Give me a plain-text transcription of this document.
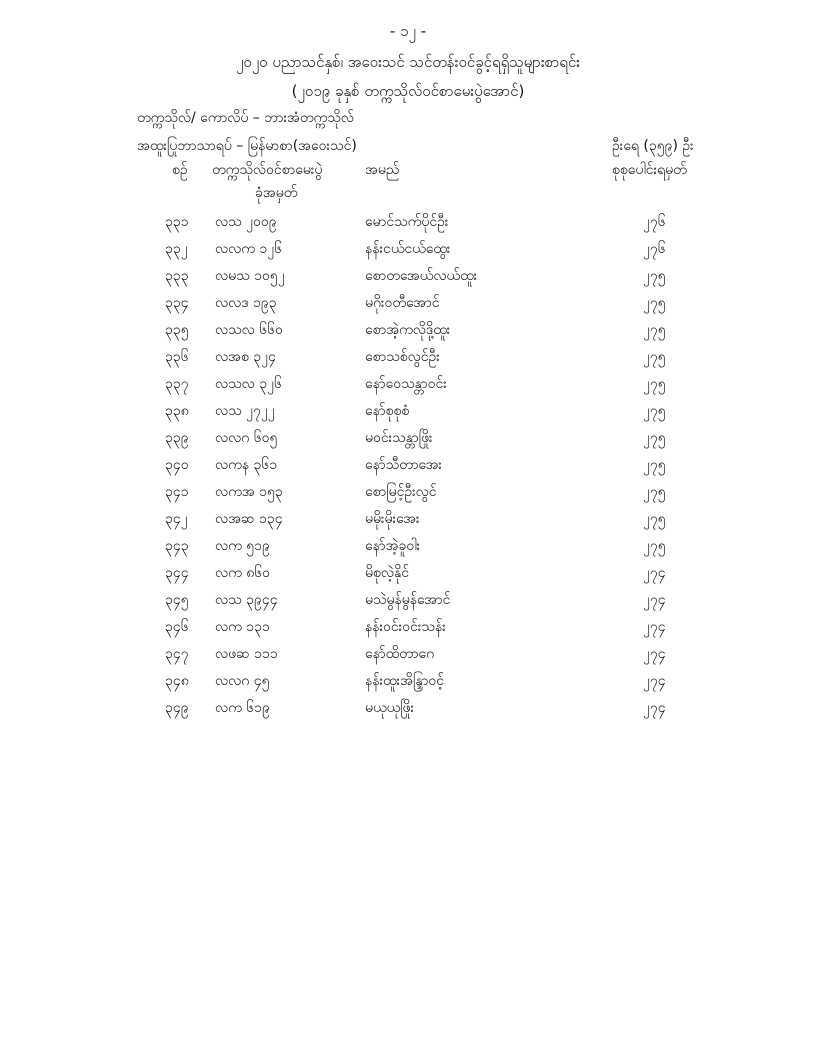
- ၁၂ -
၂၀၂၀ ပညာသင်နှစ်၊ အဝေးသင် သင်တန်းဝင်ခွင့်ရရှိသူများစာရင်း
(၂၀၁၉ ခုနှစ် တက္ကသိုလ်ဝင်စာမေးပွဲအောင်)
တက္ကသိုလ်/ ကောလိပ် – ဘားအံတက္ကသိုလ်
အထူးပြုဘာသာရပ် – မြန်မာစာ(အဝေးသင်)	ဦးရေ (၃၅၉) ဦး
စဉ် တက္ကသိုလ်ဝင်စာမေးပွဲ
ခုံအမှတ်
အမည်	စုစုပေါင်းရမှတ်
၃၃၁ လသ ၂၀၀၉	မောင်သက်ပိုင်ဦး	၂၇၆
၃၃၂ လလက ၁၂၆	နန်းငယ်ငယ်ထွေး	၂၇၆
၃၃၃ လမသ ၁၀၅၂	စောတအေယ်လယ်ထူး	၂၇၅
၃၃၄ လလဒ ၁၉၃	မဂိုးဝတီအောင်	၂၇၅
၃၃၅ လသလ ၆၆၀	စောအဲ့ကလိုဒို့ထူး	၂၇၅
၃၃၆ လအစ ၃၂၄	စောသစ်လွင်ဦး	၂၇၅
၃၃၇ လသလ ၃၂၆	နော်ဝေသန္တာဝင်း	၂၇၅
၃၃၈ လသ ၂၇၂၂	နော်စုစုစံ	၂၇၅
၃၃၉ လလဂ ၆၀၅	မဝင်းသန္တာဖြိုး	၂၇၅
၃၄၀ လကန ၃၆၁	နော်သီတာအေး	၂၇၅
၃၄၁ လကအ ၁၅၃	စောမြင့်ဦးလွင်	၂၇၅
၃၄၂ လအဆ ၁၃၄	မမိုးမိုးအေး	၂၇၅
၃၄၃ လက ၅၁၉	နော်အဲ့ခူဝါး	၂၇၅
၃၄၄ လက ၈၆၀	မိစုလဲ့နိုင်	၂၇၄
၃၄၅ လသ ၃၉၄၄	မသဲမွန်မွန်အောင်	၂၇၄
၃၄၆ လက ၁၃၁	နန်းဝင်းဝင်းသန်း	၂၇၄
၃၄၇ လဖဆ ၁၁၁	နော်ထိတာဂေ	၂၇၄
၃၄၈ လလဂ ၄၅	နန်းထူးအိန္ဒြာဝင့်	၂၇၄
၃၄၉ လက ၆၁၉	မယုယုဖြိုး	၂၇၄
